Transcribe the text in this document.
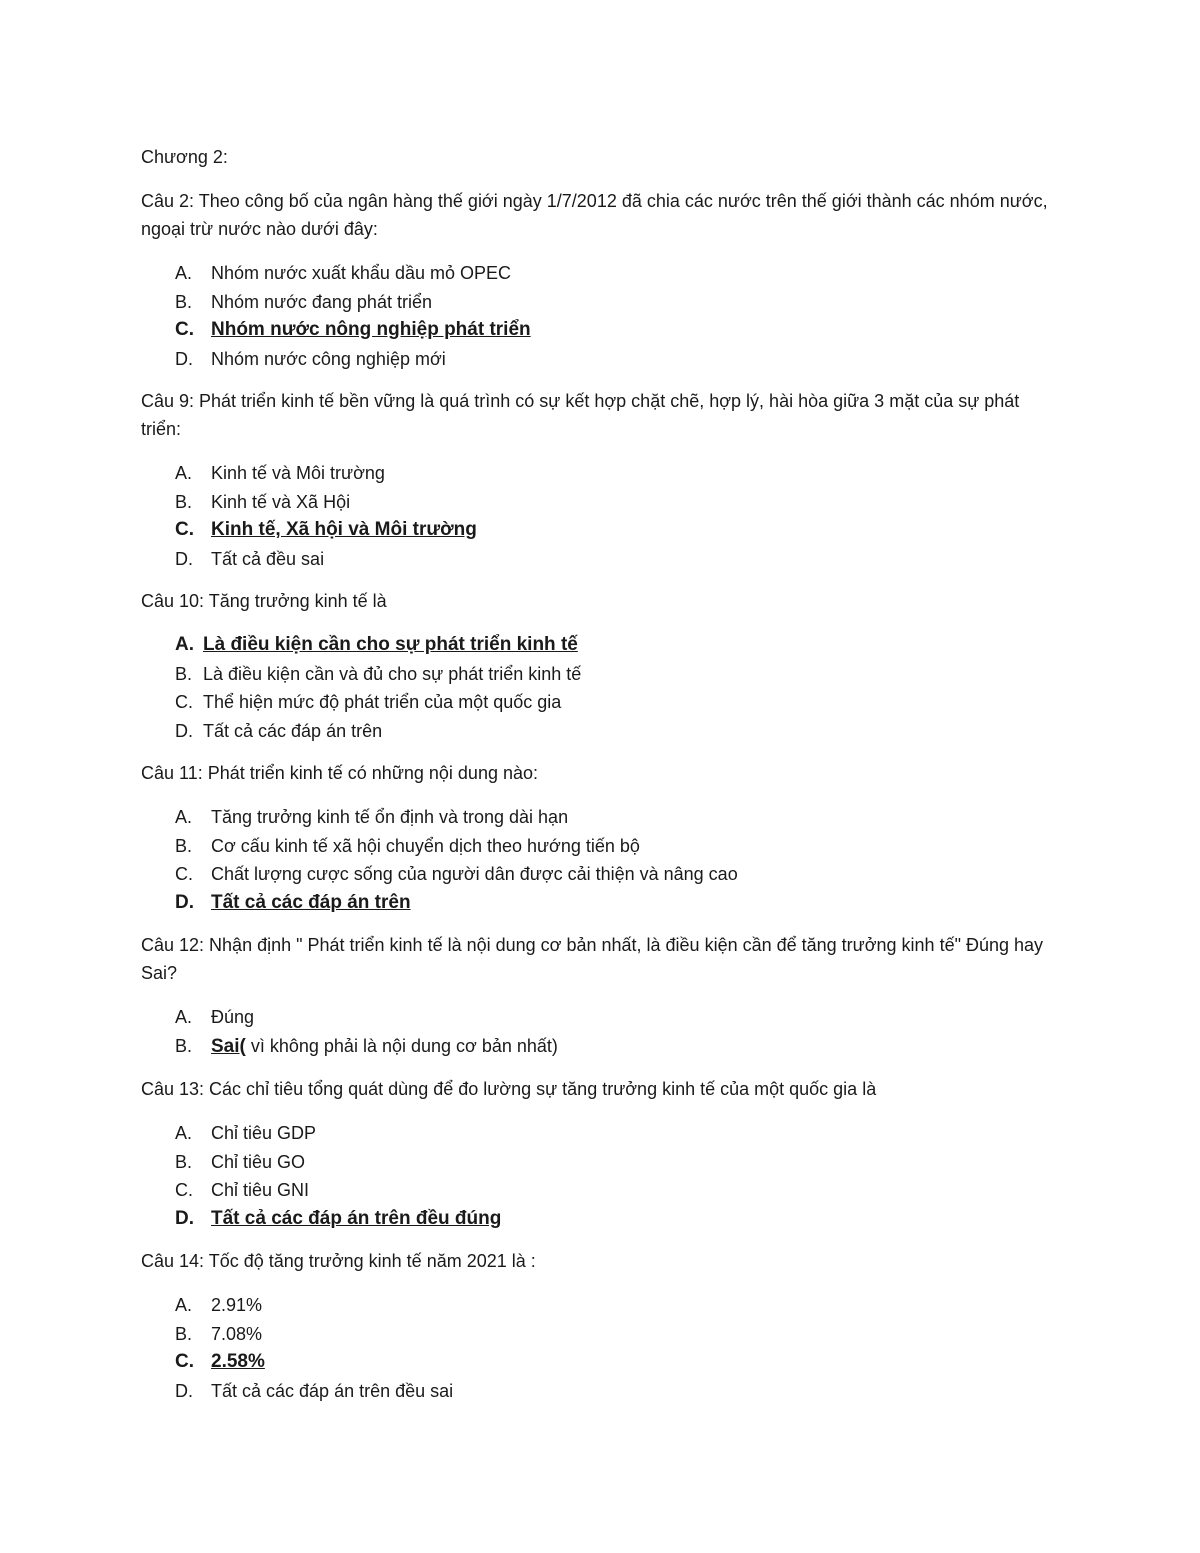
Chương 2:

Câu 2: Theo công bố của ngân hàng thế giới ngày 1/7/2012 đã chia các nước trên thế giới thành các nhóm nước, ngoại trừ nước nào dưới đây:

A.	Nhóm nước xuất khẩu dầu mỏ OPEC
B.	Nhóm nước đang phát triển
C. Nhóm nước nông nghiệp phát triển
D.	Nhóm nước công nghiệp mới

Câu 9: Phát triển kinh tế bền vững là quá trình có sự kết hợp chặt chẽ, hợp lý, hài hòa giữa 3 mặt của sự phát triển:

A.	Kinh tế và Môi trường
B.	Kinh tế và Xã Hội
C. Kinh tế, Xã hội và Môi trường
D.	Tất cả đều sai

Câu 10: Tăng trưởng kinh tế là

A. Là điều kiện cần cho sự phát triển kinh tế
B. Là điều kiện cần và đủ cho sự phát triển kinh tế
C. Thể hiện mức độ phát triển của một quốc gia
D. Tất cả các đáp án trên

Câu 11: Phát triển kinh tế có những nội dung nào:

A.	Tăng trưởng kinh tế ổn định và trong dài hạn
B.	Cơ cấu kinh tế xã hội chuyển dịch theo hướng tiến bộ
C.	Chất lượng cược sống của người dân được cải thiện và nâng cao
D. Tất cả các đáp án trên

Câu 12: Nhận định " Phát triển kinh tế là nội dung cơ bản nhất, là điều kiện cần để tăng trưởng kinh tế" Đúng hay Sai?

A.	Đúng
B. Sai( vì không phải là nội dung cơ bản nhất)

Câu 13: Các chỉ tiêu tổng quát dùng để đo lường sự tăng trưởng kinh tế của một quốc gia là

A.	Chỉ tiêu GDP
B.	Chỉ tiêu GO
C.	Chỉ tiêu GNI
D. Tất cả các đáp án trên đều đúng

Câu 14: Tốc độ tăng trưởng kinh tế năm 2021 là :

A.	2.91%
B.	7.08%
C. 2.58%
D.	Tất cả các đáp án trên đều sai
